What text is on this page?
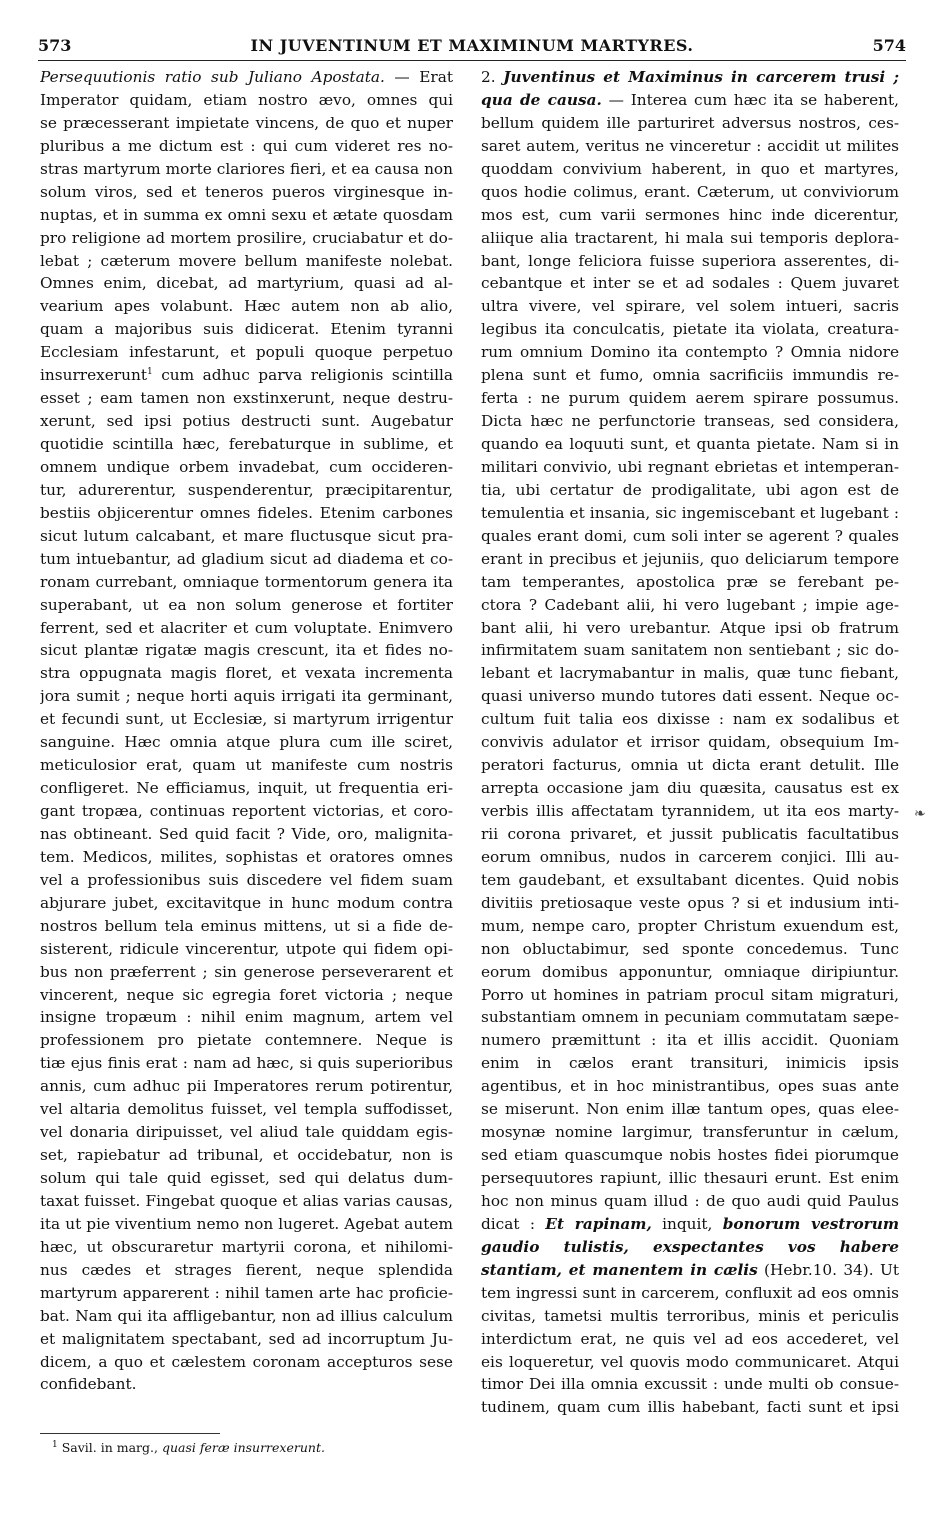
573	IN JUVENTINUM ET MAXIMINUM MARTYRES.	574
Persequutionis ratio sub Juliano Apostata. — Erat
Imperator quidam, etiam nostro ævo, omnes qui
se præcesserant impietate vincens, de quo et nuper
pluribus a me dictum est : qui cum videret res no-
stras martyrum morte clariores fieri, et ea causa non
solum viros, sed et teneros pueros virginesque in-
nuptas, et in summa ex omni sexu et ætate quosdam
pro religione ad mortem prosilire, cruciabatur et do-
lebat ; cæterum movere bellum manifeste nolebat.
Omnes enim, dicebat, ad martyrium, quasi ad al-
vearium apes volabunt. Hæc autem non ab alio,
quam a majoribus suis didicerat. Etenim tyranni
Ecclesiam infestarunt, et populi quoque perpetuo
insurrexerunt$^1$ cum adhuc parva religionis scintilla
esset ; eam tamen non exstinxerunt, neque destru-
xerunt, sed ipsi potius destructi sunt. Augebatur
quotidie scintilla hæc, ferebaturque in sublime, et
omnem undique orbem invadebat, cum occideren-
tur, adurerentur, suspenderentur, præcipitarentur,
bestiis objicerentur omnes fideles. Etenim carbones
sicut lutum calcabant, et mare fluctusque sicut pra-
tum intuebantur, ad gladium sicut ad diadema et co-
ronam currebant, omniaque tormentorum genera ita
superabant, ut ea non solum generose et fortiter
ferrent, sed et alacriter et cum voluptate. Enimvero
sicut plantæ rigatæ magis crescunt, ita et fides no-
stra oppugnata magis floret, et vexata incrementa
jora sumit ; neque horti aquis irrigati ita germinant,
et fecundi sunt, ut Ecclesiæ, si martyrum irrigentur
sanguine. Hæc omnia atque plura cum ille sciret,
meticulosior erat, quam ut manifeste cum nostris
confligeret. Ne efficiamus, inquit, ut frequentia eri-
gant tropæa, continuas reportent victorias, et coro-
nas obtineant. Sed quid facit ? Vide, oro, malignita-
tem. Medicos, milites, sophistas et oratores omnes
vel a professionibus suis discedere vel fidem suam
abjurare jubet, excitavitque in hunc modum contra
nostros bellum tela eminus mittens, ut si a fide de-
sisterent, ridicule vincerentur, utpote qui fidem opi-
bus non præferrent ; sin generose perseverarent et
vincerent, neque sic egregia foret victoria ; neque
insigne tropæum : nihil enim magnum, artem vel
professionem pro pietate contemnere. Neque is
tiæ ejus finis erat : nam ad hæc, si quis superioribus
annis, cum adhuc pii Imperatores rerum potirentur,
vel altaria demolitus fuisset, vel templa suffodisset,
vel donaria diripuisset, vel aliud tale quiddam egis-
set, rapiebatur ad tribunal, et occidebatur, non is
solum qui tale quid egisset, sed qui delatus dum-
taxat fuisset. Fingebat quoque et alias varias causas,
ita ut pie viventium nemo non lugeret. Agebat autem
hæc, ut obscuraretur martyrii corona, et nihilomi-
nus cædes et strages fierent, neque splendida
martyrum apparerent : nihil tamen arte hac proficie-
bat. Nam qui ita affligebantur, non ad illius calculum
et malignitatem spectabant, sed ad incorruptum Ju-
dicem, a quo et cælestem coronam accepturos sese
confidebant.
2. Juventinus et Maximinus in carcerem trusi ;
qua de causa. — Interea cum hæc ita se haberent,
bellum quidem ille parturiret adversus nostros, ces-
saret autem, veritus ne vinceretur : accidit ut milites
quoddam convivium haberent, in quo et martyres,
quos hodie colimus, erant. Cæterum, ut conviviorum
mos est, cum varii sermones hinc inde dicerentur,
aliique alia tractarent, hi mala sui temporis deplora-
bant, longe feliciora fuisse superiora asserentes, di-
cebantque et inter se et ad sodales : Quem juvaret
ultra vivere, vel spirare, vel solem intueri, sacris
legibus ita conculcatis, pietate ita violata, creatura-
rum omnium Domino ita contempto ? Omnia nidore
plena sunt et fumo, omnia sacrificiis immundis re-
ferta : ne purum quidem aerem spirare possumus.
Dicta hæc ne perfunctorie transeas, sed considera,
quando ea loquuti sunt, et quanta pietate. Nam si in
militari convivio, ubi regnant ebrietas et intemperan-
tia, ubi certatur de prodigalitate, ubi agon est de
temulentia et insania, sic ingemiscebant et lugebant :
quales erant domi, cum soli inter se agerent ? quales
erant in precibus et jejuniis, quo deliciarum tempore
tam temperantes, apostolica præ se ferebant pe-
ctora ? Cadebant alii, hi vero lugebant ; impie age-
bant alii, hi vero urebantur. Atque ipsi ob fratrum
infirmitatem suam sanitatem non sentiebant ; sic do-
lebant et lacrymabantur in malis, quæ tunc fiebant,
quasi universo mundo tutores dati essent. Neque oc-
cultum fuit talia eos dixisse : nam ex sodalibus et
convivis adulator et irrisor quidam, obsequium Im-
peratori facturus, omnia ut dicta erant detulit. Ille
arrepta occasione jam diu quæsita, causatus est ex
verbis illis affectatam tyrannidem, ut ita eos marty-
rii corona privaret, et jussit publicatis facultatibus
eorum omnibus, nudos in carcerem conjici. Illi au-
tem gaudebant, et exsultabant dicentes. Quid nobis
divitiis pretiosaque veste opus ? si et indusium inti-
mum, nempe caro, propter Christum exuendum est,
non obluctabimur, sed sponte concedemus. Tunc
eorum domibus apponuntur, omniaque diripiuntur.
Porro ut homines in patriam procul sitam migraturi,
substantiam omnem in pecuniam commutatam sæpe-
numero præmittunt : ita et illis accidit. Quoniam
enim in cælos erant transituri, inimicis ipsis
agentibus, et in hoc ministrantibus, opes suas ante
se miserunt. Non enim illæ tantum opes, quas elee-
mosynæ nomine largimur, transferuntur in cælum,
sed etiam quascumque nobis hostes fidei piorumque
persequutores rapiunt, illic thesauri erunt. Est enim
hoc non minus quam illud : de quo audi quid Paulus
dicat : Et rapinam, inquit, bonorum vestrorum
gaudio tulistis, exspectantes vos habere
stantiam, et manentem in cælis (Hebr.10. 34). Ut
tem ingressi sunt in carcerem, confluxit ad eos omnis
civitas, tametsi multis terroribus, minis et periculis
interdictum erat, ne quis vel ad eos accederet, vel
eis loqueretur, vel quovis modo communicaret. Atqui
timor Dei illa omnia excussit : unde multi ob consue-
tudinem, quam cum illis habebant, facti sunt et ipsi
$^1$ Savil. in marg., quasi feræ insurrexerunt.
❧
